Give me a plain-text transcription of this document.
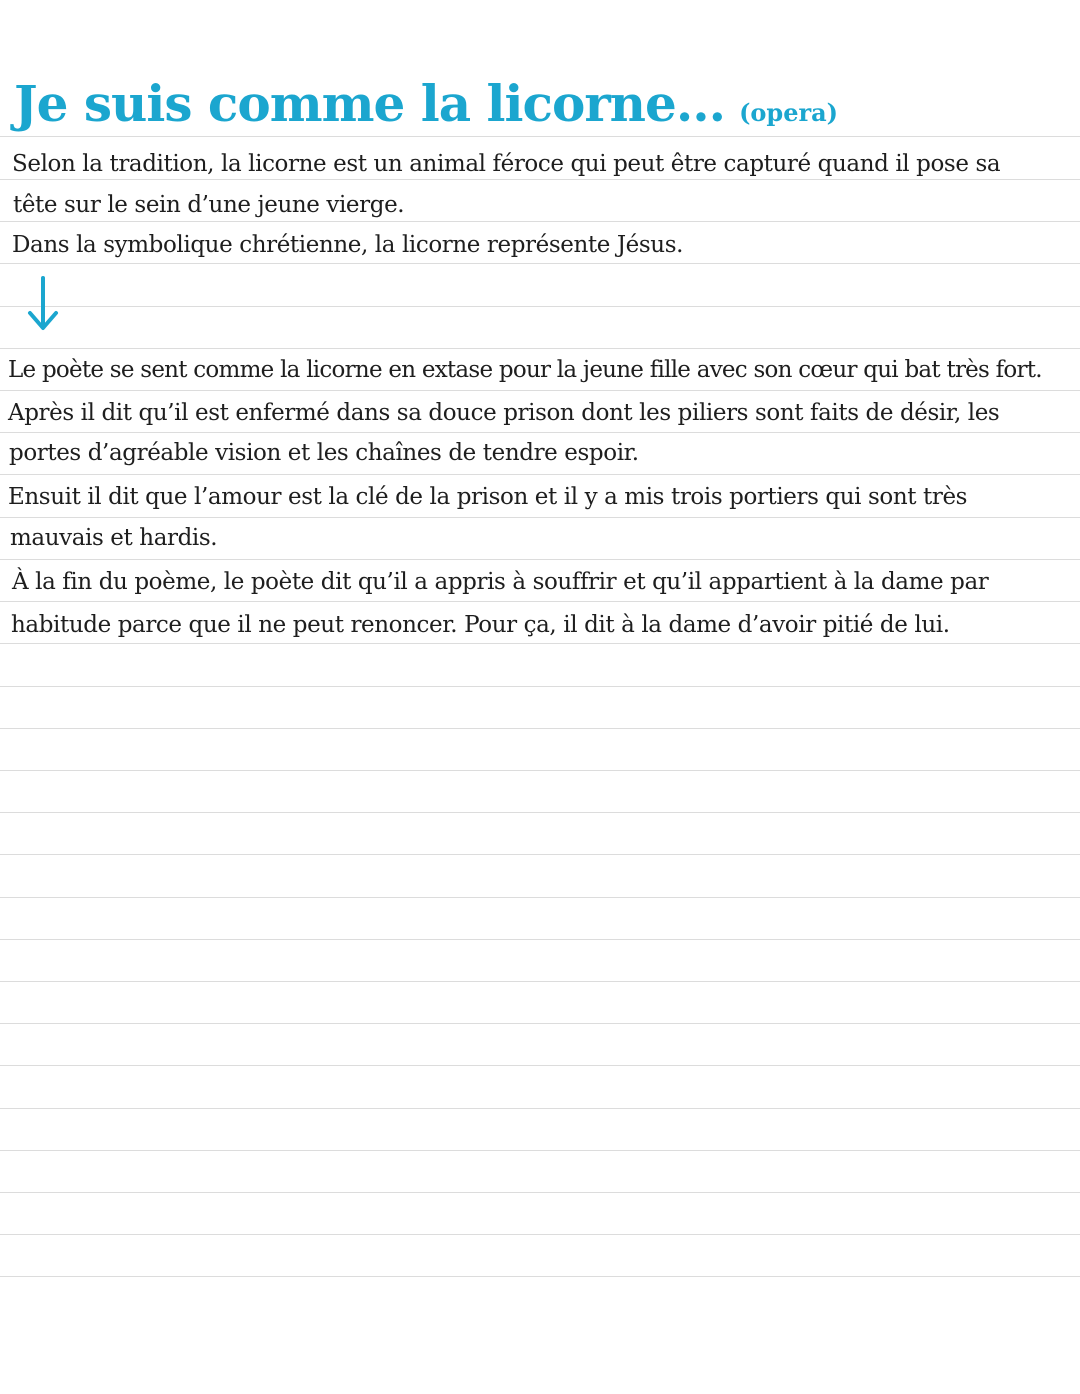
Je suis comme la licorne... (opera)
Selon la tradition, la licorne est un animal féroce qui peut être capturé quand il pose sa
tête sur le sein d’une jeune vierge.
Dans la symbolique chrétienne, la licorne représente Jésus.
Le poète se sent comme la licorne en extase pour la jeune fille avec son cœur qui bat très fort.
Après il dit qu’il est enfermé dans sa douce prison dont les piliers sont faits de désir, les
portes d’agréable vision et les chaînes de tendre espoir.
Ensuit il dit que l’amour est la clé de la prison et il y a mis trois portiers qui sont très
mauvais et hardis.
À la fin du poème, le poète dit qu’il a appris à souffrir et qu’il appartient à la dame par
habitude parce que il ne peut renoncer. Pour ça, il dit à la dame d’avoir pitié de lui.
